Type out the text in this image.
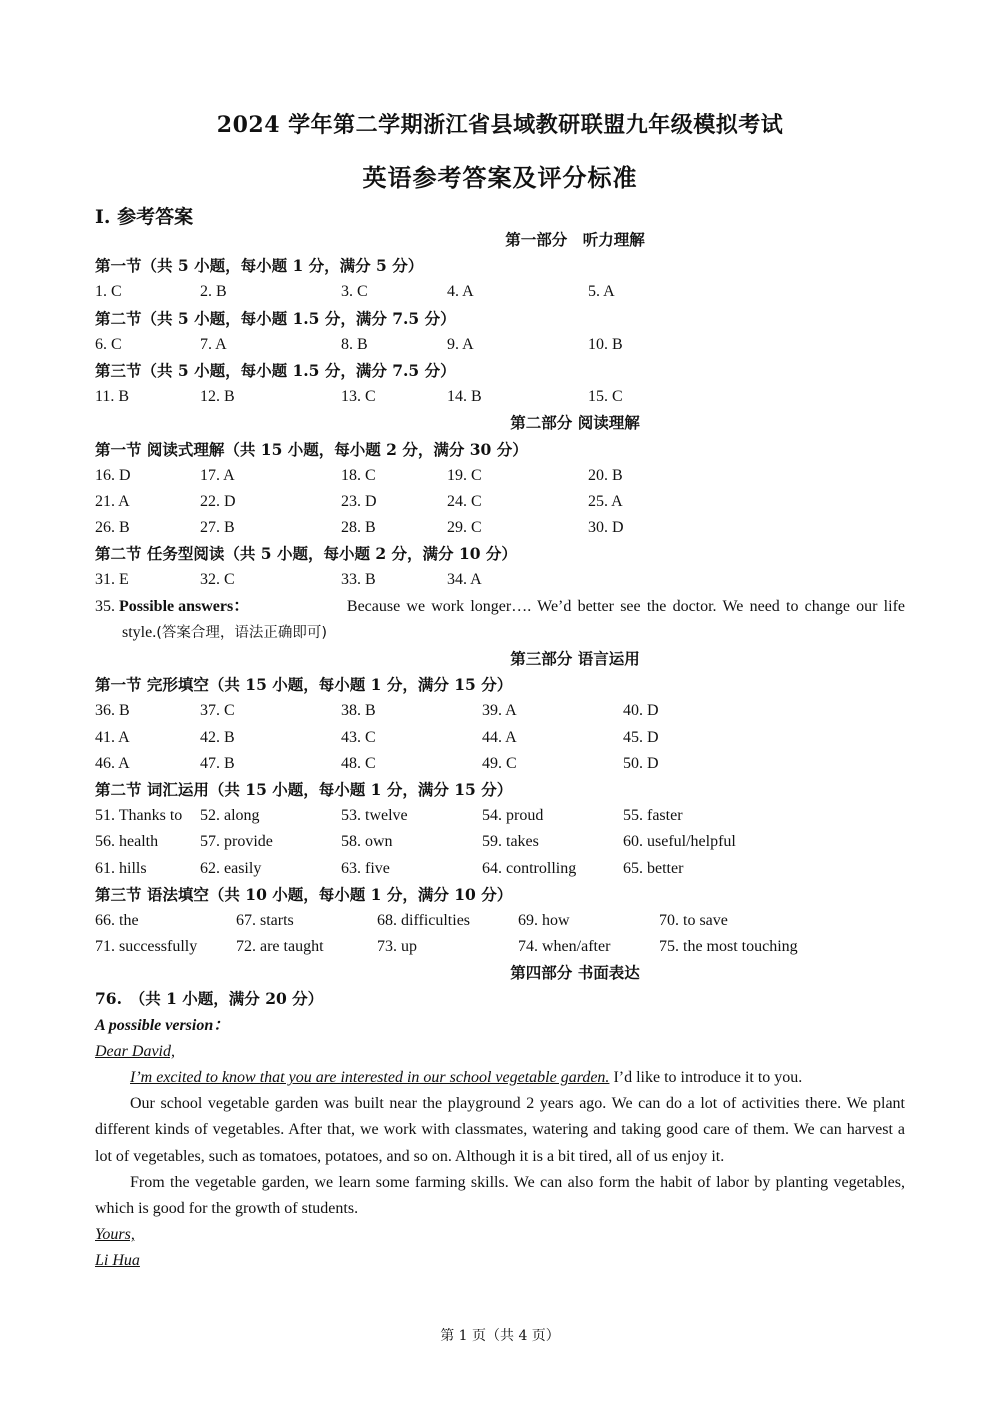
2024 学年第二学期浙江省县域教研联盟九年级模拟考试
英语参考答案及评分标准
I. 参考答案
第一部分　听力理解
第一节（共 5 小题，每小题 1 分，满分 5 分）
1. C	2. B	3. C	4. A	5. A
第二节（共 5 小题，每小题 1.5 分，满分 7.5 分）
6. C	7. A	8. B	9. A	10. B
第三节（共 5 小题，每小题 1.5 分，满分 7.5 分）
11. B	12. B	13. C	14. B	15. C
第二部分 阅读理解
第一节 阅读式理解（共 15 小题，每小题 2 分，满分 30 分）
16. D	17. A	18. C	19. C	20. B
21. A	22. D	23. D	24. C	25. A
26. B	27. B	28. B	29. C	30. D
第二节 任务型阅读（共 5 小题，每小题 2 分，满分 10 分）
31. E	32. C	33. B	34. A
35. Possible answers：	Because we work longer…. We’d better see the doctor. We need to change our life
style.(答案合理，语法正确即可)
第三部分 语言运用
第一节 完形填空（共 15 小题，每小题 1 分，满分 15 分）
36. B	37. C	38. B	39. A	40. D
41. A	42. B	43. C	44. A	45. D
46. A	47. B	48. C	49. C	50. D
第二节 词汇运用（共 15 小题，每小题 1 分，满分 15 分）
51. Thanks to	52. along	53. twelve	54. proud	55. faster
56. health	57. provide	58. own	59. takes	60. useful/helpful
61. hills	62. easily	63. five	64. controlling	65. better
第三节 语法填空（共 10 小题，每小题 1 分，满分 10 分）
66. the	67. starts	68. difficulties	69. how	70. to save
71. successfully	72. are taught	73. up	74. when/after	75. the most touching
第四部分 书面表达
76.　（共 1 小题，满分 20 分）

A possible version：

Dear David,

I’m excited to know that you are interested in our school vegetable garden. I’d like to introduce it to you.

Our school vegetable garden was built near the playground 2 years ago. We can do a lot of activities there. We plant different kinds of vegetables. After that, we work with classmates, watering and taking good care of them. We can harvest a lot of vegetables, such as tomatoes, potatoes, and so on. Although it is a bit tired, all of us enjoy it.

From the vegetable garden, we learn some farming skills. We can also form the habit of labor by planting vegetables, which is good for the growth of students.

Yours,

Li Hua

第 1 页（共 4 页）
